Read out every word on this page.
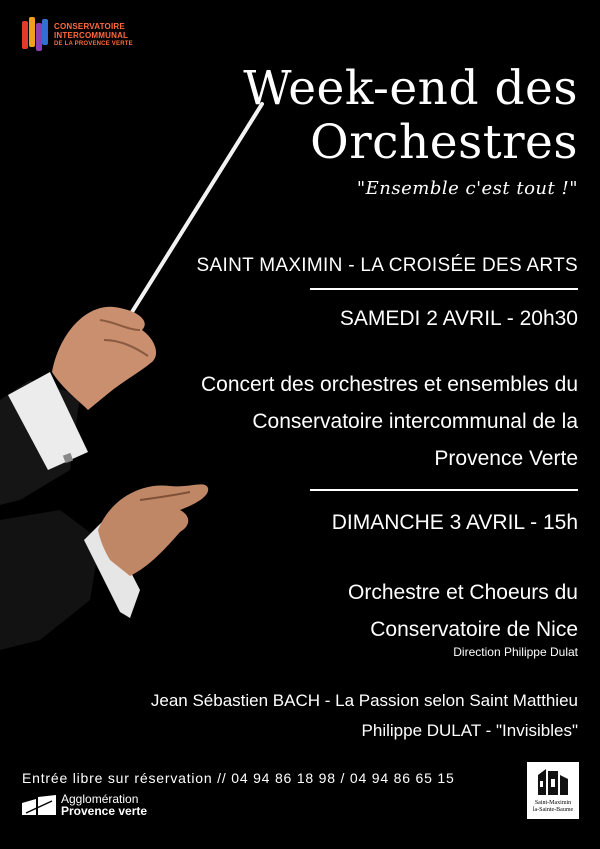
CONSERVATOIRE
INTERCOMMUNAL
DE LA PROVENCE VERTE
Week-end des
Orchestres
"Ensemble c'est tout !"
SAINT MAXIMIN - LA CROISÉE DES ARTS
SAMEDI 2 AVRIL - 20h30
Concert des orchestres et ensembles du
Conservatoire intercommunal de la
Provence Verte
DIMANCHE 3 AVRIL - 15h
Orchestre et Choeurs du
Conservatoire de Nice
Direction Philippe Dulat
Jean Sébastien BACH - La Passion selon Saint Matthieu
Philippe DULAT - "Invisibles"
Entrée libre sur réservation // 04 94 86 18 98 / 04 94 86 65 15
Agglomération
Provence verte
Saint-Maximin
la-Sainte-Baume
